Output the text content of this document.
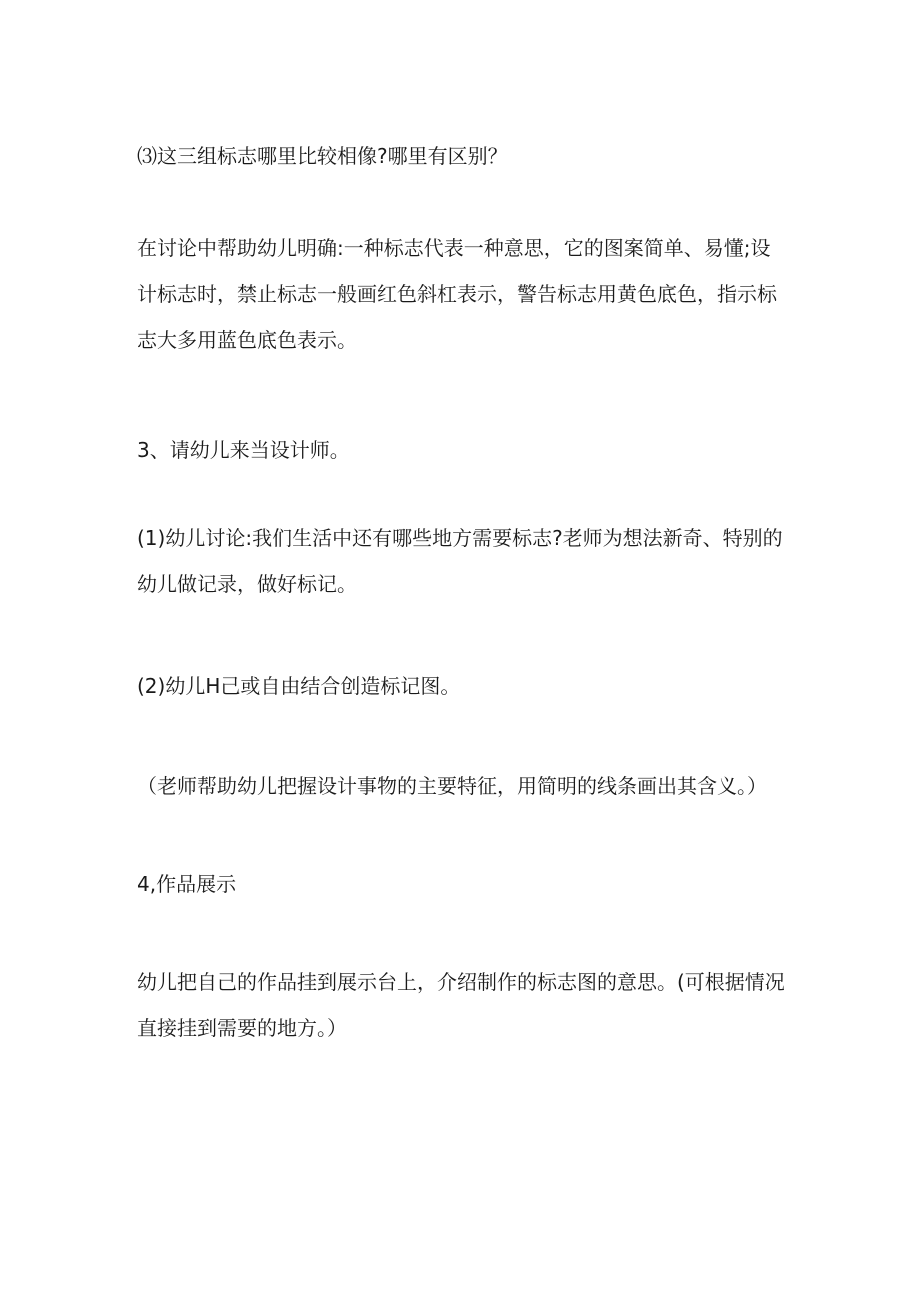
⑶这三组标志哪里比较相像?哪里有区别？

在讨论中帮助幼儿明确:一种标志代表一种意思，它的图案简单、易懂;设
计标志时，禁止标志一般画红色斜杠表示，警告标志用黄色底色，指示标
志大多用蓝色底色表示。

3、请幼儿来当设计师。

(1)幼儿讨论:我们生活中还有哪些地方需要标志?老师为想法新奇、特别的
幼儿做记录，做好标记。

(2)幼儿H己或自由结合创造标记图。

（老师帮助幼儿把握设计事物的主要特征，用简明的线条画出其含义。）

4,作品展示

幼儿把自己的作品挂到展示台上，介绍制作的标志图的意思。(可根据情况
直接挂到需要的地方。）
